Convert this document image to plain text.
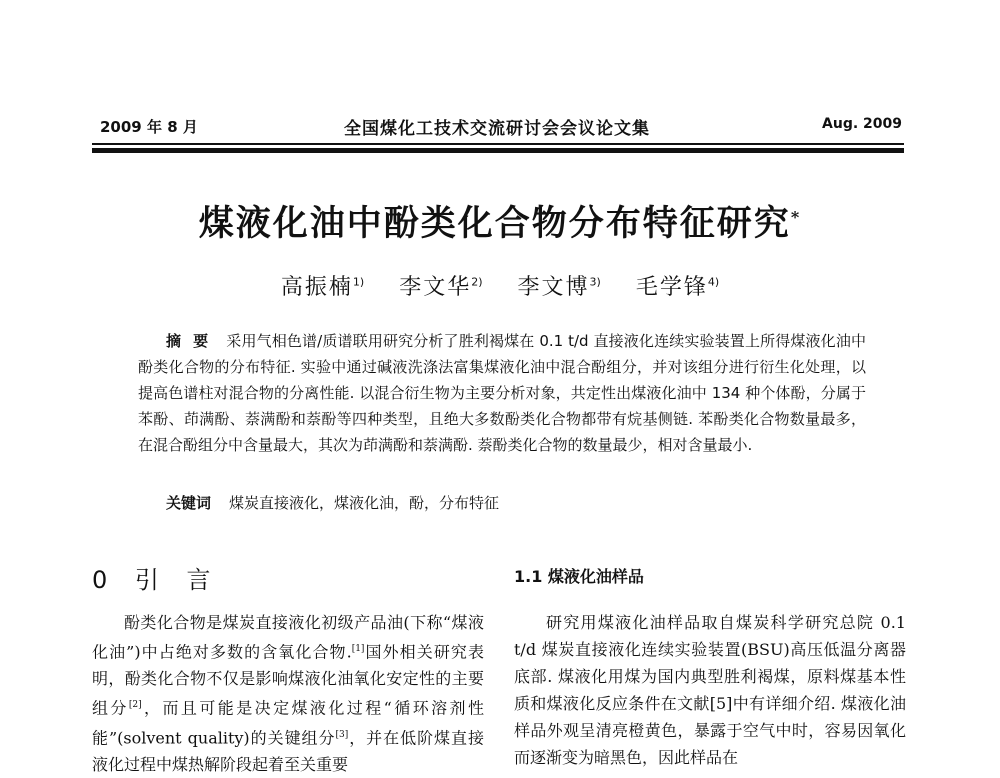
2009 年 8 月	全国煤化工技术交流研讨会会议论文集	Aug. 2009
煤液化油中酚类化合物分布特征研究*
高振楠$^{1)}$ 李文华$^{2)}$ 李文博$^{3)}$ 毛学锋$^{4)}$
摘要 采用气相色谱/质谱联用研究分析了胜利褐煤在 0.1 t/d 直接液化连续实验装置上所得煤液化油中酚类化合物的分布特征. 实验中通过碱液洗涤法富集煤液化油中混合酚组分，并对该组分进行衍生化处理，以提高色谱柱对混合物的分离性能. 以混合衍生物为主要分析对象，共定性出煤液化油中 134 种个体酚，分属于苯酚、茚满酚、萘满酚和萘酚等四种类型，且绝大多数酚类化合物都带有烷基侧链. 苯酚类化合物数量最多，在混合酚组分中含量最大，其次为茚满酚和萘满酚. 萘酚类化合物的数量最少，相对含量最小.
关键词 煤炭直接液化，煤液化油，酚，分布特征
0 引 言

酚类化合物是煤炭直接液化初级产品油(下称“煤液化油”)中占绝对多数的含氧化合物.[1]国外相关研究表明，酚类化合物不仅是影响煤液化油氧化安定性的主要组分[2]，而且可能是决定煤液化过程“循环溶剂性能”(solvent quality)的关键组分[3]，并在低阶煤直接液化过程中煤热解阶段起着至关重要

1.1 煤液化油样品

研究用煤液化油样品取自煤炭科学研究总院 0.1 t/d 煤炭直接液化连续实验装置(BSU)高压低温分离器底部. 煤液化用煤为国内典型胜利褐煤，原料煤基本性质和煤液化反应条件在文献[5]中有详细介绍. 煤液化油样品外观呈清亮橙黄色，暴露于空气中时，容易因氧化而逐渐变为暗黑色，因此样品在
